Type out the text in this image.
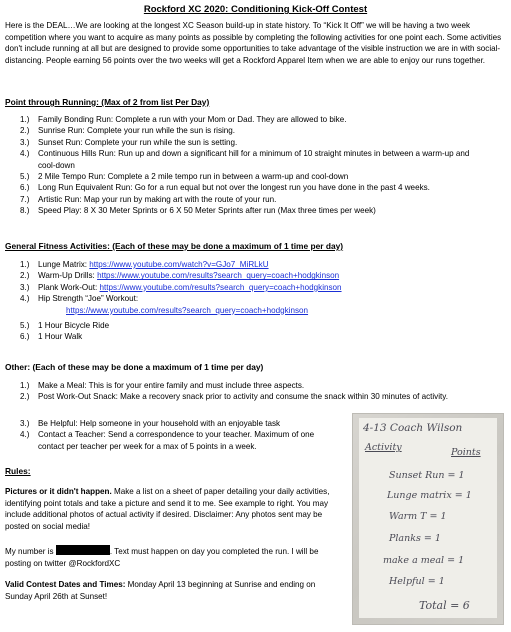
Rockford XC 2020: Conditioning Kick-Off Contest

Here is the DEAL…We are looking at the longest XC Season build-up in state history. To “Kick It Off” we will be having a two week competition where you want to acquire as many points as possible by completing the following activities for one point each. Some activities don't include running at all but are designed to provide some opportunities to take advantage of the visible instruction we are in with social-distancing. People earning 56 points over the two weeks will get a Rockford Apparel Item when we are able to enjoy our runs together.

Point through Running: (Max of 2 from list Per Day)
1.) Family Bonding Run: Complete a run with your Mom or Dad. They are allowed to bike.
2.) Sunrise Run: Complete your run while the sun is rising.
3.) Sunset Run: Complete your run while the sun is setting.
4.) Continuous Hills Run: Run up and down a significant hill for a minimum of 10 straight minutes in between a warm-up and cool-down
5.) 2 Mile Tempo Run: Complete a 2 mile tempo run in between a warm-up and cool-down
6.) Long Run Equivalent Run: Go for a run equal but not over the longest run you have done in the past 4 weeks.
7.) Artistic Run: Map your run by making art with the route of your run.
8.) Speed Play: 8 X 30 Meter Sprints or 6 X 50 Meter Sprints after run (Max three times per week)
General Fitness Activities: (Each of these may be done a maximum of 1 time per day)
1.) Lunge Matrix: https://www.youtube.com/watch?v=GJo7_MiRLkU
2.) Warm-Up Drills: https://www.youtube.com/results?search_query=coach+hodgkinson
3.) Plank Work-Out: https://www.youtube.com/results?search_query=coach+hodgkinson
4.) Hip Strength “Joe” Workout:
https://www.youtube.com/results?search_query=coach+hodgkinson
5.) 1 Hour Bicycle Ride
6.) 1 Hour Walk
Other: (Each of these may be done a maximum of 1 time per day)
1.) Make a Meal: This is for your entire family and must include three aspects.
2.) Post Work-Out Snack: Make a recovery snack prior to activity and consume the snack within 30 minutes of activity.
3.) Be Helpful: Help someone in your household with an enjoyable task
4.) Contact a Teacher: Send a correspondence to your teacher. Maximum of one contact per teacher per week for a max of 5 points in a week.
Rules:

Pictures or it didn't happen. Make a list on a sheet of paper detailing your daily activities, identifying point totals and take a picture and send it to me. See example to right. You may include additional photos of actual activity if desired. Disclaimer: Any photos sent may be posted on social media!

My number is	. Text must happen on day you completed the run. I will be posting on twitter @RockfordXC

Valid Contest Dates and Times: Monday April 13 beginning at Sunrise and ending on Sunday April 26th at Sunset!

4-13 Coach Wilson
Activity	Points
Sunset Run = 1
Lunge matrix = 1
Warm T = 1
Planks = 1
make a meal = 1
Helpful = 1
Total = 6
